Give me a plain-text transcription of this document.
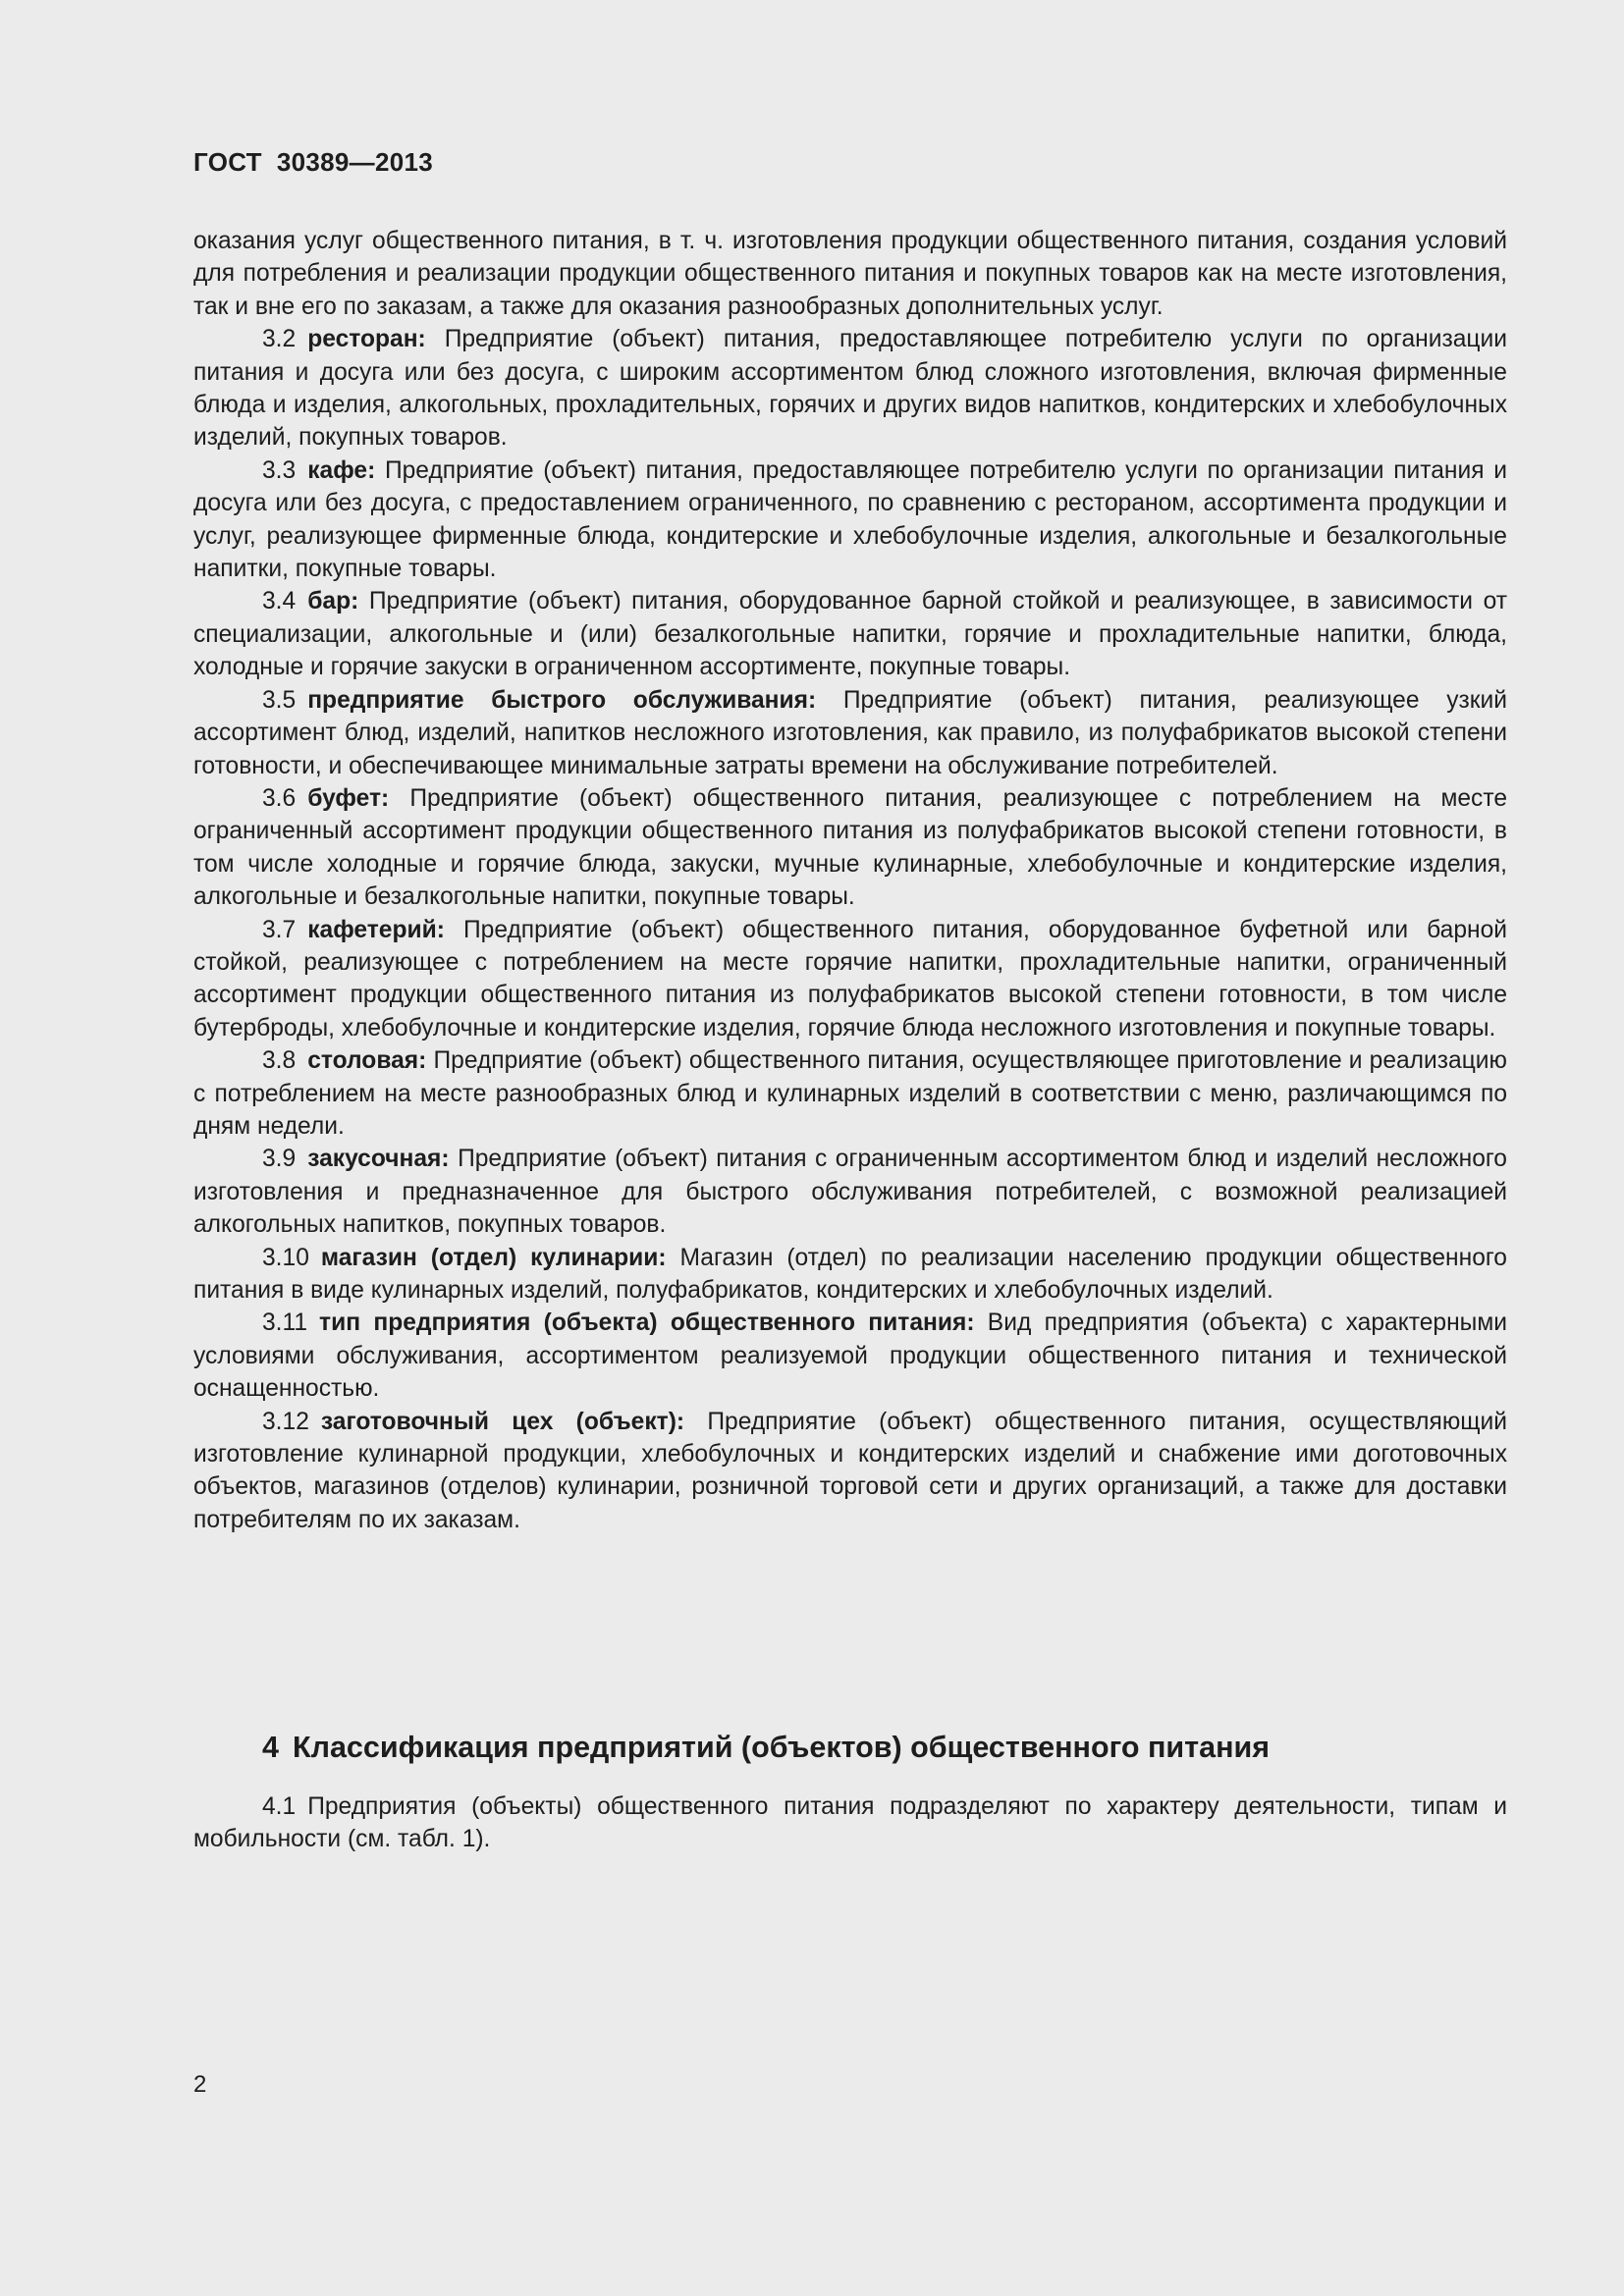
ГОСТ  30389—2013

оказания услуг общественного питания, в т. ч. изготовления продукции общественного питания, создания условий для потребления и реализации продукции общественного питания и покупных товаров как на месте изготовления, так и вне его по заказам, а также для оказания разнообразных дополнительных услуг.

3.2 ресторан: Предприятие (объект) питания, предоставляющее потребителю услуги по организации питания и досуга или без досуга, с широким ассортиментом блюд сложного изготовления, включая фирменные блюда и изделия, алкогольных, прохладительных, горячих и других видов напитков, кондитерских и хлебобулочных изделий, покупных товаров.

3.3 кафе: Предприятие (объект) питания, предоставляющее потребителю услуги по организации питания и досуга или без досуга, с предоставлением ограниченного, по сравнению с рестораном, ассортимента продукции и услуг, реализующее фирменные блюда, кондитерские и хлебобулочные изделия, алкогольные и безалкогольные напитки, покупные товары.

3.4 бар: Предприятие (объект) питания, оборудованное барной стойкой и реализующее, в зависимости от специализации, алкогольные и (или) безалкогольные напитки, горячие и прохладительные напитки, блюда, холодные и горячие закуски в ограниченном ассортименте, покупные товары.

3.5 предприятие быстрого обслуживания: Предприятие (объект) питания, реализующее узкий ассортимент блюд, изделий, напитков несложного изготовления, как правило, из полуфабрикатов высокой степени готовности, и обеспечивающее минимальные затраты времени на обслуживание потребителей.

3.6 буфет: Предприятие (объект) общественного питания, реализующее с потреблением на месте ограниченный ассортимент продукции общественного питания из полуфабрикатов высокой степени готовности, в том числе холодные и горячие блюда, закуски, мучные кулинарные, хлебобулочные и кондитерские изделия, алкогольные и безалкогольные напитки, покупные товары.

3.7 кафетерий: Предприятие (объект) общественного питания, оборудованное буфетной или барной стойкой, реализующее с потреблением на месте горячие напитки, прохладительные напитки, ограниченный ассортимент продукции общественного питания из полуфабрикатов высокой степени готовности, в том числе бутерброды, хлебобулочные и кондитерские изделия, горячие блюда несложного изготовления и покупные товары.

3.8 столовая: Предприятие (объект) общественного питания, осуществляющее приготовление и реализацию с потреблением на месте разнообразных блюд и кулинарных изделий в соответствии с меню, различающимся по дням недели.

3.9 закусочная: Предприятие (объект) питания с ограниченным ассортиментом блюд и изделий несложного изготовления и предназначенное для быстрого обслуживания потребителей, с возможной реализацией алкогольных напитков, покупных товаров.

3.10 магазин (отдел) кулинарии: Магазин (отдел) по реализации населению продукции общественного питания в виде кулинарных изделий, полуфабрикатов, кондитерских и хлебобулочных изделий.

3.11 тип предприятия (объекта) общественного питания: Вид предприятия (объекта) с характерными условиями обслуживания, ассортиментом реализуемой продукции общественного питания и технической оснащенностью.

3.12 заготовочный цех (объект): Предприятие (объект) общественного питания, осуществляющий изготовление кулинарной продукции, хлебобулочных и кондитерских изделий и снабжение ими доготовочных объектов, магазинов (отделов) кулинарии, розничной торговой сети и других организаций, а также для доставки потребителям по их заказам.

4 Классификация предприятий (объектов) общественного питания

4.1 Предприятия (объекты) общественного питания подразделяют по характеру деятельности, типам и мобильности (см. табл. 1).

2
